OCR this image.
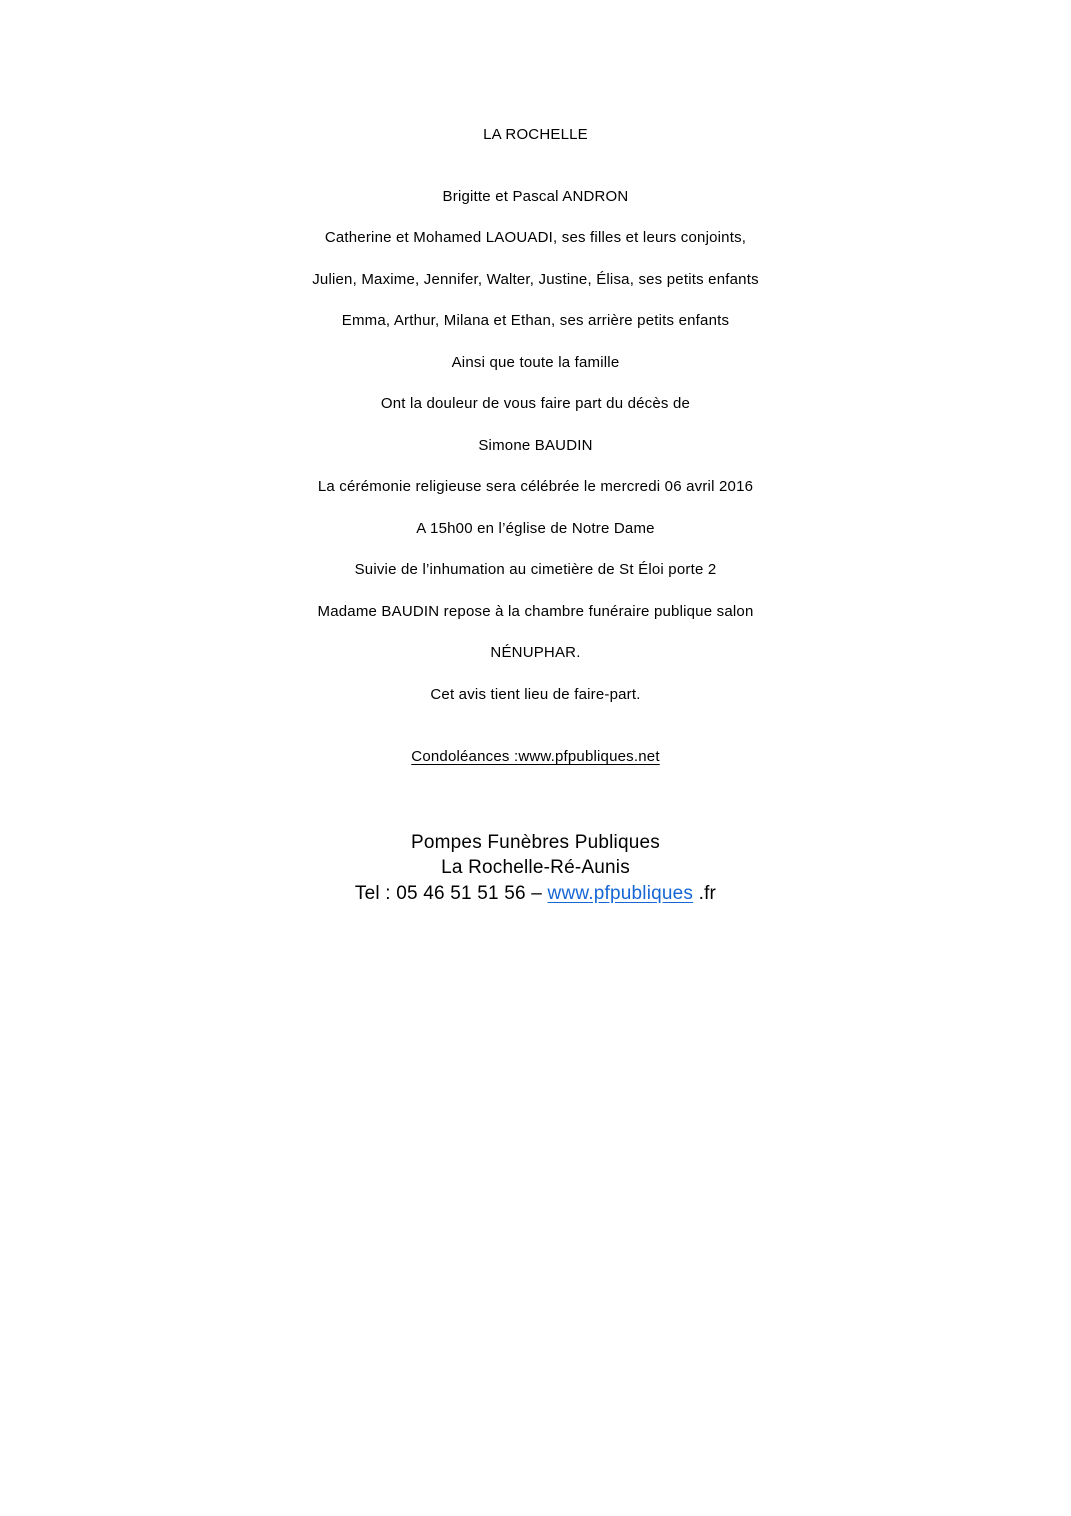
LA ROCHELLE

Brigitte et Pascal ANDRON

Catherine et Mohamed LAOUADI, ses filles et leurs conjoints,

Julien, Maxime, Jennifer, Walter, Justine, Élisa, ses petits enfants

Emma, Arthur, Milana et Ethan, ses arrière petits enfants

Ainsi que toute la famille

Ont la douleur de vous faire part du décès de

Simone BAUDIN

La cérémonie religieuse sera célébrée le mercredi 06 avril 2016

A 15h00 en l’église de Notre Dame

Suivie de l’inhumation au cimetière de St Éloi porte 2

Madame BAUDIN repose à la chambre funéraire publique salon

NÉNUPHAR.

Cet avis tient lieu de faire-part.

Condoléances :www.pfpubliques.net

Pompes Funèbres Publiques

La Rochelle-Ré-Aunis

Tel : 05 46 51 51 56 – www.pfpubliques .fr
